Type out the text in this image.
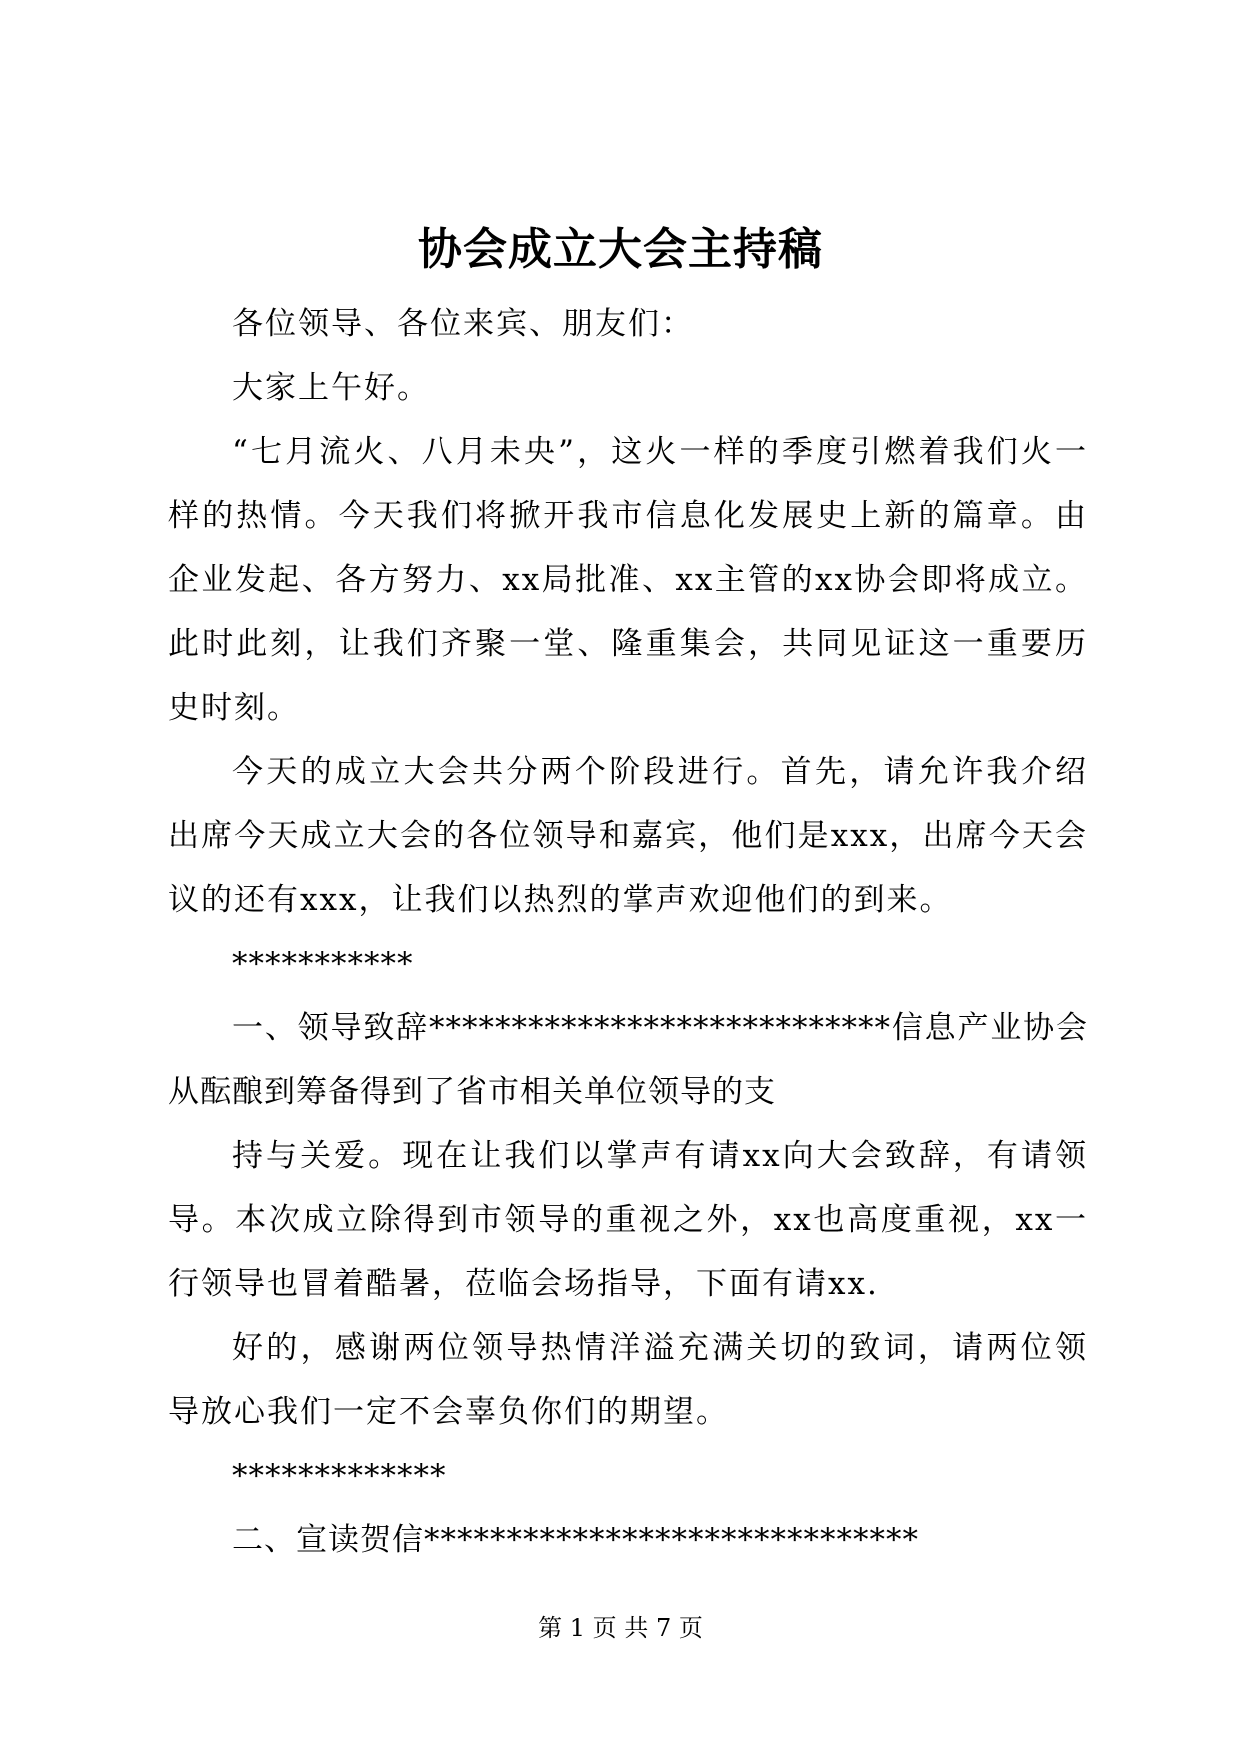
协会成立大会主持稿

各位领导、各位来宾、朋友们：

大家上午好。

“七月流火、八月未央”，这火一样的季度引燃着我们火一样的热情。今天我们将掀开我市信息化发展史上新的篇章。由企业发起、各方努力、xx局批准、xx主管的xx协会即将成立。此时此刻，让我们齐聚一堂、隆重集会，共同见证这一重要历史时刻。

今天的成立大会共分两个阶段进行。首先，请允许我介绍出席今天成立大会的各位领导和嘉宾，他们是xxx，出席今天会议的还有xxx，让我们以热烈的掌声欢迎他们的到来。

***********

一、领导致辞****************************信息产业协会从酝酿到筹备得到了省市相关单位领导的支

持与关爱。现在让我们以掌声有请xx向大会致辞，有请领导。本次成立除得到市领导的重视之外，xx也高度重视，xx一行领导也冒着酷暑，莅临会场指导，下面有请xx.

好的，感谢两位领导热情洋溢充满关切的致词，请两位领导放心我们一定不会辜负你们的期望。

*************

二、宣读贺信******************************

第 1 页 共 7 页
